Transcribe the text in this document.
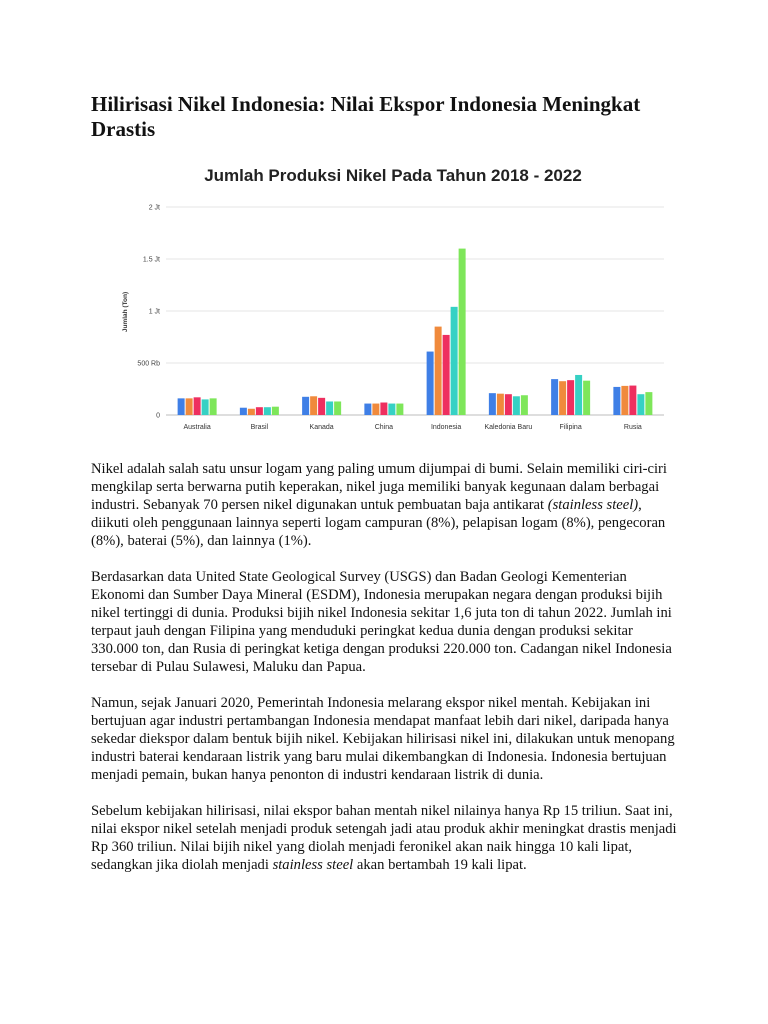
Hilirisasi Nikel Indonesia: Nilai Ekspor Indonesia Meningkat Drastis
Jumlah Produksi Nikel Pada Tahun 2018 - 2022
Jumlah (Ton)
0
500 Rb
1 Jt
1.5 Jt
2 Jt
Australia	Brasil	Kanada	China	Indonesia	Kaledonia Baru	Filipina	Rusia

Nikel adalah salah satu unsur logam yang paling umum dijumpai di bumi. Selain memiliki ciri-ciri mengkilap serta berwarna putih keperakan, nikel juga memiliki banyak kegunaan dalam berbagai industri. Sebanyak 70 persen nikel digunakan untuk pembuatan baja antikarat (stainless steel), diikuti oleh penggunaan lainnya seperti logam campuran (8%), pelapisan logam (8%), pengecoran (8%), baterai (5%), dan lainnya (1%).

Berdasarkan data United State Geological Survey (USGS) dan Badan Geologi Kementerian Ekonomi dan Sumber Daya Mineral (ESDM), Indonesia merupakan negara dengan produksi bijih nikel tertinggi di dunia. Produksi bijih nikel Indonesia sekitar 1,6 juta ton di tahun 2022. Jumlah ini terpaut jauh dengan Filipina yang menduduki peringkat kedua dunia dengan produksi sekitar 330.000 ton, dan Rusia di peringkat ketiga dengan produksi 220.000 ton. Cadangan nikel Indonesia tersebar di Pulau Sulawesi, Maluku dan Papua.

Namun, sejak Januari 2020, Pemerintah Indonesia melarang ekspor nikel mentah. Kebijakan ini bertujuan agar industri pertambangan Indonesia mendapat manfaat lebih dari nikel, daripada hanya sekedar diekspor dalam bentuk bijih nikel. Kebijakan hilirisasi nikel ini, dilakukan untuk menopang industri baterai kendaraan listrik yang baru mulai dikembangkan di Indonesia. Indonesia bertujuan menjadi pemain, bukan hanya penonton di industri kendaraan listrik di dunia.

Sebelum kebijakan hilirisasi, nilai ekspor bahan mentah nikel nilainya hanya Rp 15 triliun. Saat ini, nilai ekspor nikel setelah menjadi produk setengah jadi atau produk akhir meningkat drastis menjadi Rp 360 triliun. Nilai bijih nikel yang diolah menjadi feronikel akan naik hingga 10 kali lipat, sedangkan jika diolah menjadi stainless steel akan bertambah 19 kali lipat.
